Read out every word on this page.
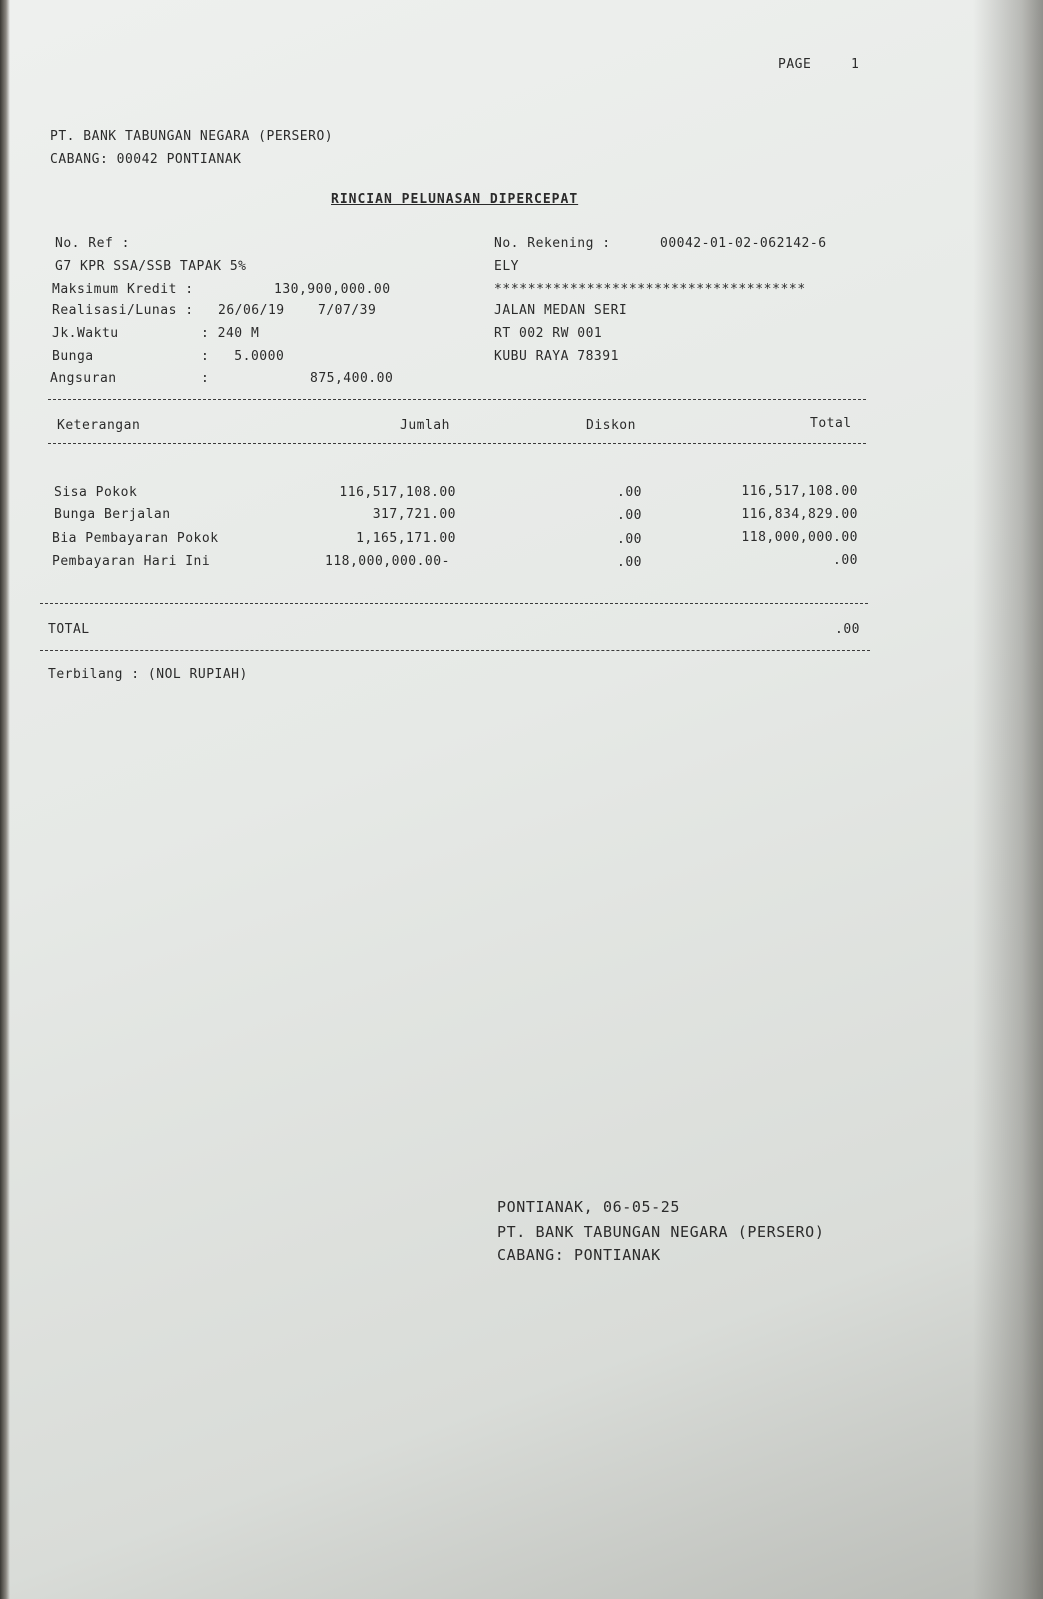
PAGE	1
PT. BANK TABUNGAN NEGARA (PERSERO)
CABANG: 00042 PONTIANAK
RINCIAN PELUNASAN DIPERCEPAT
No. Ref :
G7 KPR SSA/SSB TAPAK 5%
Maksimum Kredit :	130,900,000.00
Realisasi/Lunas : 26/06/19	7/07/39
Jk.Waktu	: 240 M
Bunga	:   5.0000
Angsuran	:	875,400.00
No. Rekening :	00042-01-02-062142-6
ELY
*************************************
JALAN MEDAN SERI
RT 002 RW 001
KUBU RAYA 78391
Keterangan	Jumlah	Diskon	Total
Sisa Pokok	116,517,108.00	.00	116,517,108.00
Bunga Berjalan	317,721.00	.00	116,834,829.00
Bia Pembayaran Pokok	1,165,171.00	.00	118,000,000.00
Pembayaran Hari Ini	118,000,000.00-	.00	.00
TOTAL	.00
Terbilang : (NOL RUPIAH)
PONTIANAK, 06-05-25
PT. BANK TABUNGAN NEGARA (PERSERO)
CABANG: PONTIANAK
